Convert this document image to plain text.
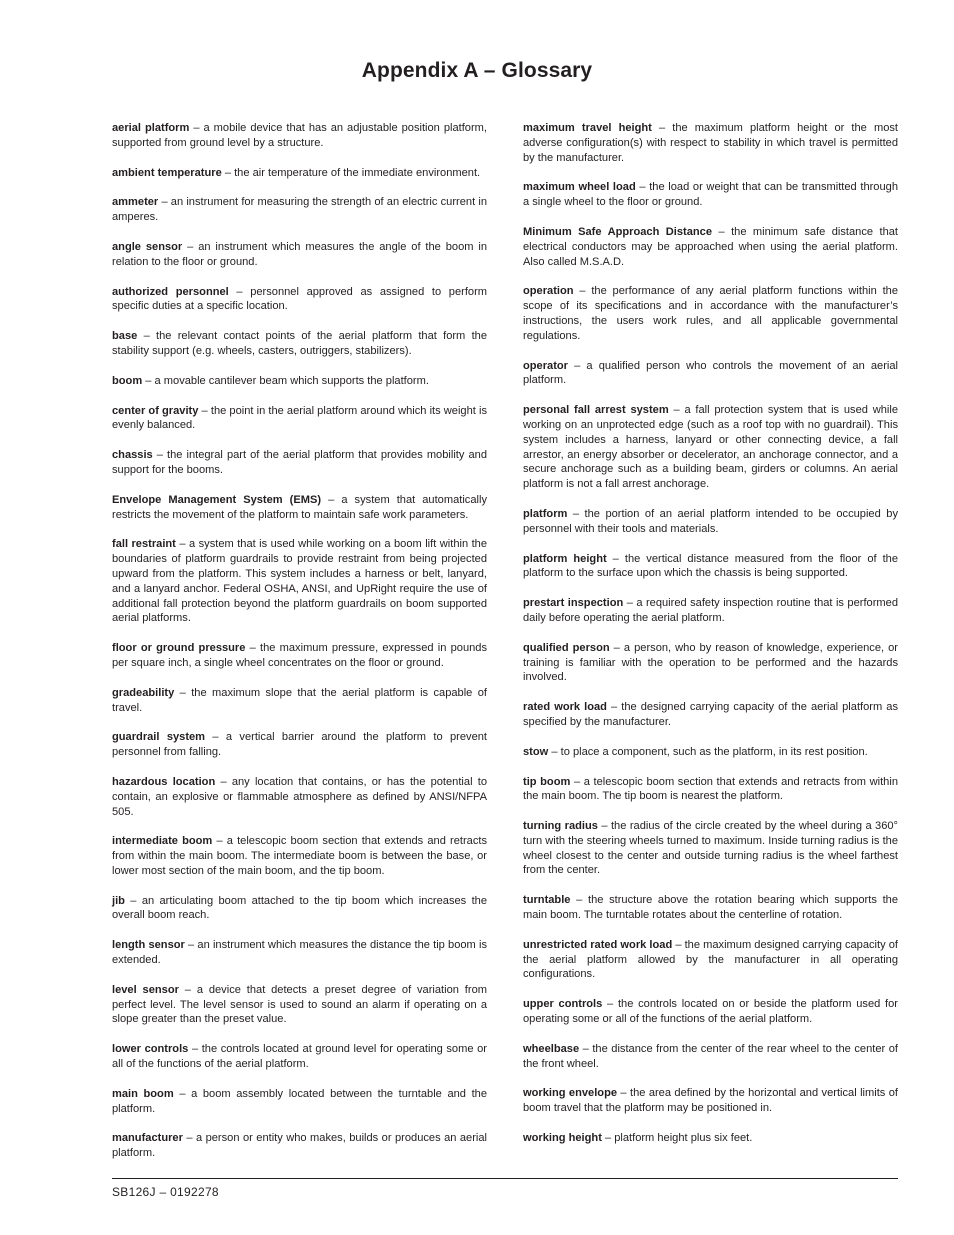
Appendix A – Glossary

aerial platform – a mobile device that has an adjustable position platform, supported from ground level by a structure.

ambient temperature – the air temperature of the immediate environment.

ammeter – an instrument for measuring the strength of an electric current in amperes.

angle sensor – an instrument which measures the angle of the boom in relation to the floor or ground.

authorized personnel – personnel approved as assigned to perform specific duties at a specific location.

base – the relevant contact points of the aerial platform that form the stability support (e.g. wheels, casters, outriggers, stabilizers).

boom – a movable cantilever beam which supports the platform.

center of gravity – the point in the aerial platform around which its weight is evenly balanced.

chassis – the integral part of the aerial platform that provides mobility and support for the booms.

Envelope Management System (EMS) – a system that automatically restricts the movement of the platform to maintain safe work parameters.

fall restraint – a system that is used while working on a boom lift within the boundaries of platform guardrails to provide restraint from being projected upward from the platform. This system includes a harness or belt, lanyard, and a lanyard anchor. Federal OSHA, ANSI, and UpRight require the use of additional fall protection beyond the platform guardrails on boom supported aerial platforms.

floor or ground pressure – the maximum pressure, expressed in pounds per square inch, a single wheel concentrates on the floor or ground.

gradeability – the maximum slope that the aerial platform is capable of travel.

guardrail system – a vertical barrier around the platform to prevent personnel from falling.

hazardous location – any location that contains, or has the potential to contain, an explosive or flammable atmosphere as defined by ANSI/NFPA 505.

intermediate boom – a telescopic boom section that extends and retracts from within the main boom. The intermediate boom is between the base, or lower most section of the main boom, and the tip boom.

jib – an articulating boom attached to the tip boom which increases the overall boom reach.

length sensor – an instrument which measures the distance the tip boom is extended.

level sensor – a device that detects a preset degree of variation from perfect level. The level sensor is used to sound an alarm if operating on a slope greater than the preset value.

lower controls – the controls located at ground level for operating some or all of the functions of the aerial platform.

main boom – a boom assembly located between the turntable and the platform.

manufacturer – a person or entity who makes, builds or produces an aerial platform.

maximum travel height – the maximum platform height or the most adverse configuration(s) with respect to stability in which travel is permitted by the manufacturer.

maximum wheel load – the load or weight that can be transmitted through a single wheel to the floor or ground.

Minimum Safe Approach Distance – the minimum safe distance that electrical conductors may be approached when using the aerial platform. Also called M.S.A.D.

operation – the performance of any aerial platform functions within the scope of its specifications and in accordance with the manufacturer’s instructions, the users work rules, and all applicable governmental regulations.

operator – a qualified person who controls the movement of an aerial platform.

personal fall arrest system – a fall protection system that is used while working on an unprotected edge (such as a roof top with no guardrail). This system includes a harness, lanyard or other connecting device, a fall arrestor, an energy absorber or decelerator, an anchorage connector, and a secure anchorage such as a building beam, girders or columns. An aerial platform is not a fall arrest anchorage.

platform – the portion of an aerial platform intended to be occupied by personnel with their tools and materials.

platform height – the vertical distance measured from the floor of the platform to the surface upon which the chassis is being supported.

prestart inspection – a required safety inspection routine that is performed daily before operating the aerial platform.

qualified person – a person, who by reason of knowledge, experience, or training is familiar with the operation to be performed and the hazards involved.

rated work load – the designed carrying capacity of the aerial platform as specified by the manufacturer.

stow – to place a component, such as the platform, in its rest position.

tip boom – a telescopic boom section that extends and retracts from within the main boom. The tip boom is nearest the platform.

turning radius – the radius of the circle created by the wheel during a 360° turn with the steering wheels turned to maximum. Inside turning radius is the wheel closest to the center and outside turning radius is the wheel farthest from the center.

turntable – the structure above the rotation bearing which supports the main boom. The turntable rotates about the centerline of rotation.

unrestricted rated work load – the maximum designed carrying capacity of the aerial platform allowed by the manufacturer in all operating configurations.

upper controls – the controls located on or beside the platform used for operating some or all of the functions of the aerial platform.

wheelbase – the distance from the center of the rear wheel to the center of the front wheel.

working envelope – the area defined by the horizontal and vertical limits of boom travel that the platform may be positioned in.

working height – platform height plus six feet.

SB126J – 0192278
